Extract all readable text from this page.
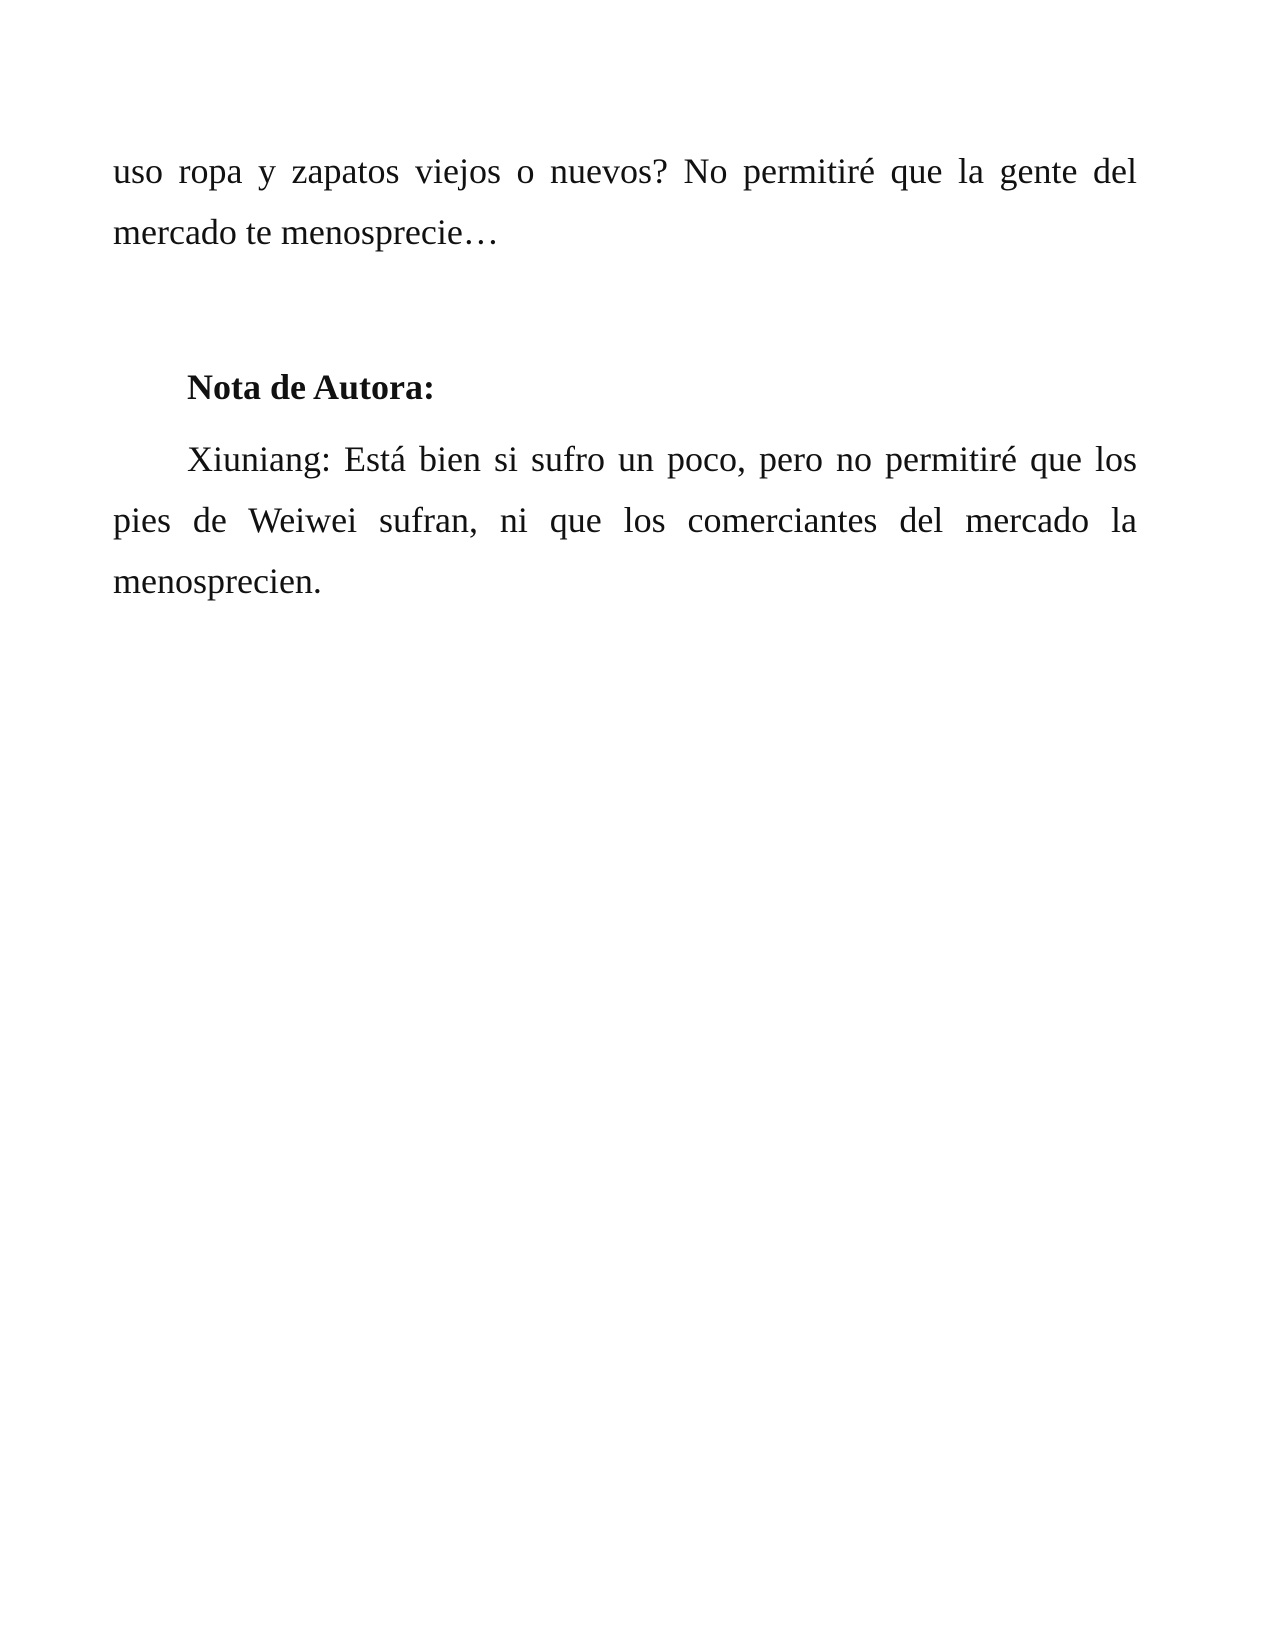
uso ropa y zapatos viejos o nuevos? No permitiré que la gente del mercado te menosprecie…

Nota de Autora:

Xiuniang: Está bien si sufro un poco, pero no permitiré que los pies de Weiwei sufran, ni que los comerciantes del mercado la menosprecien.
